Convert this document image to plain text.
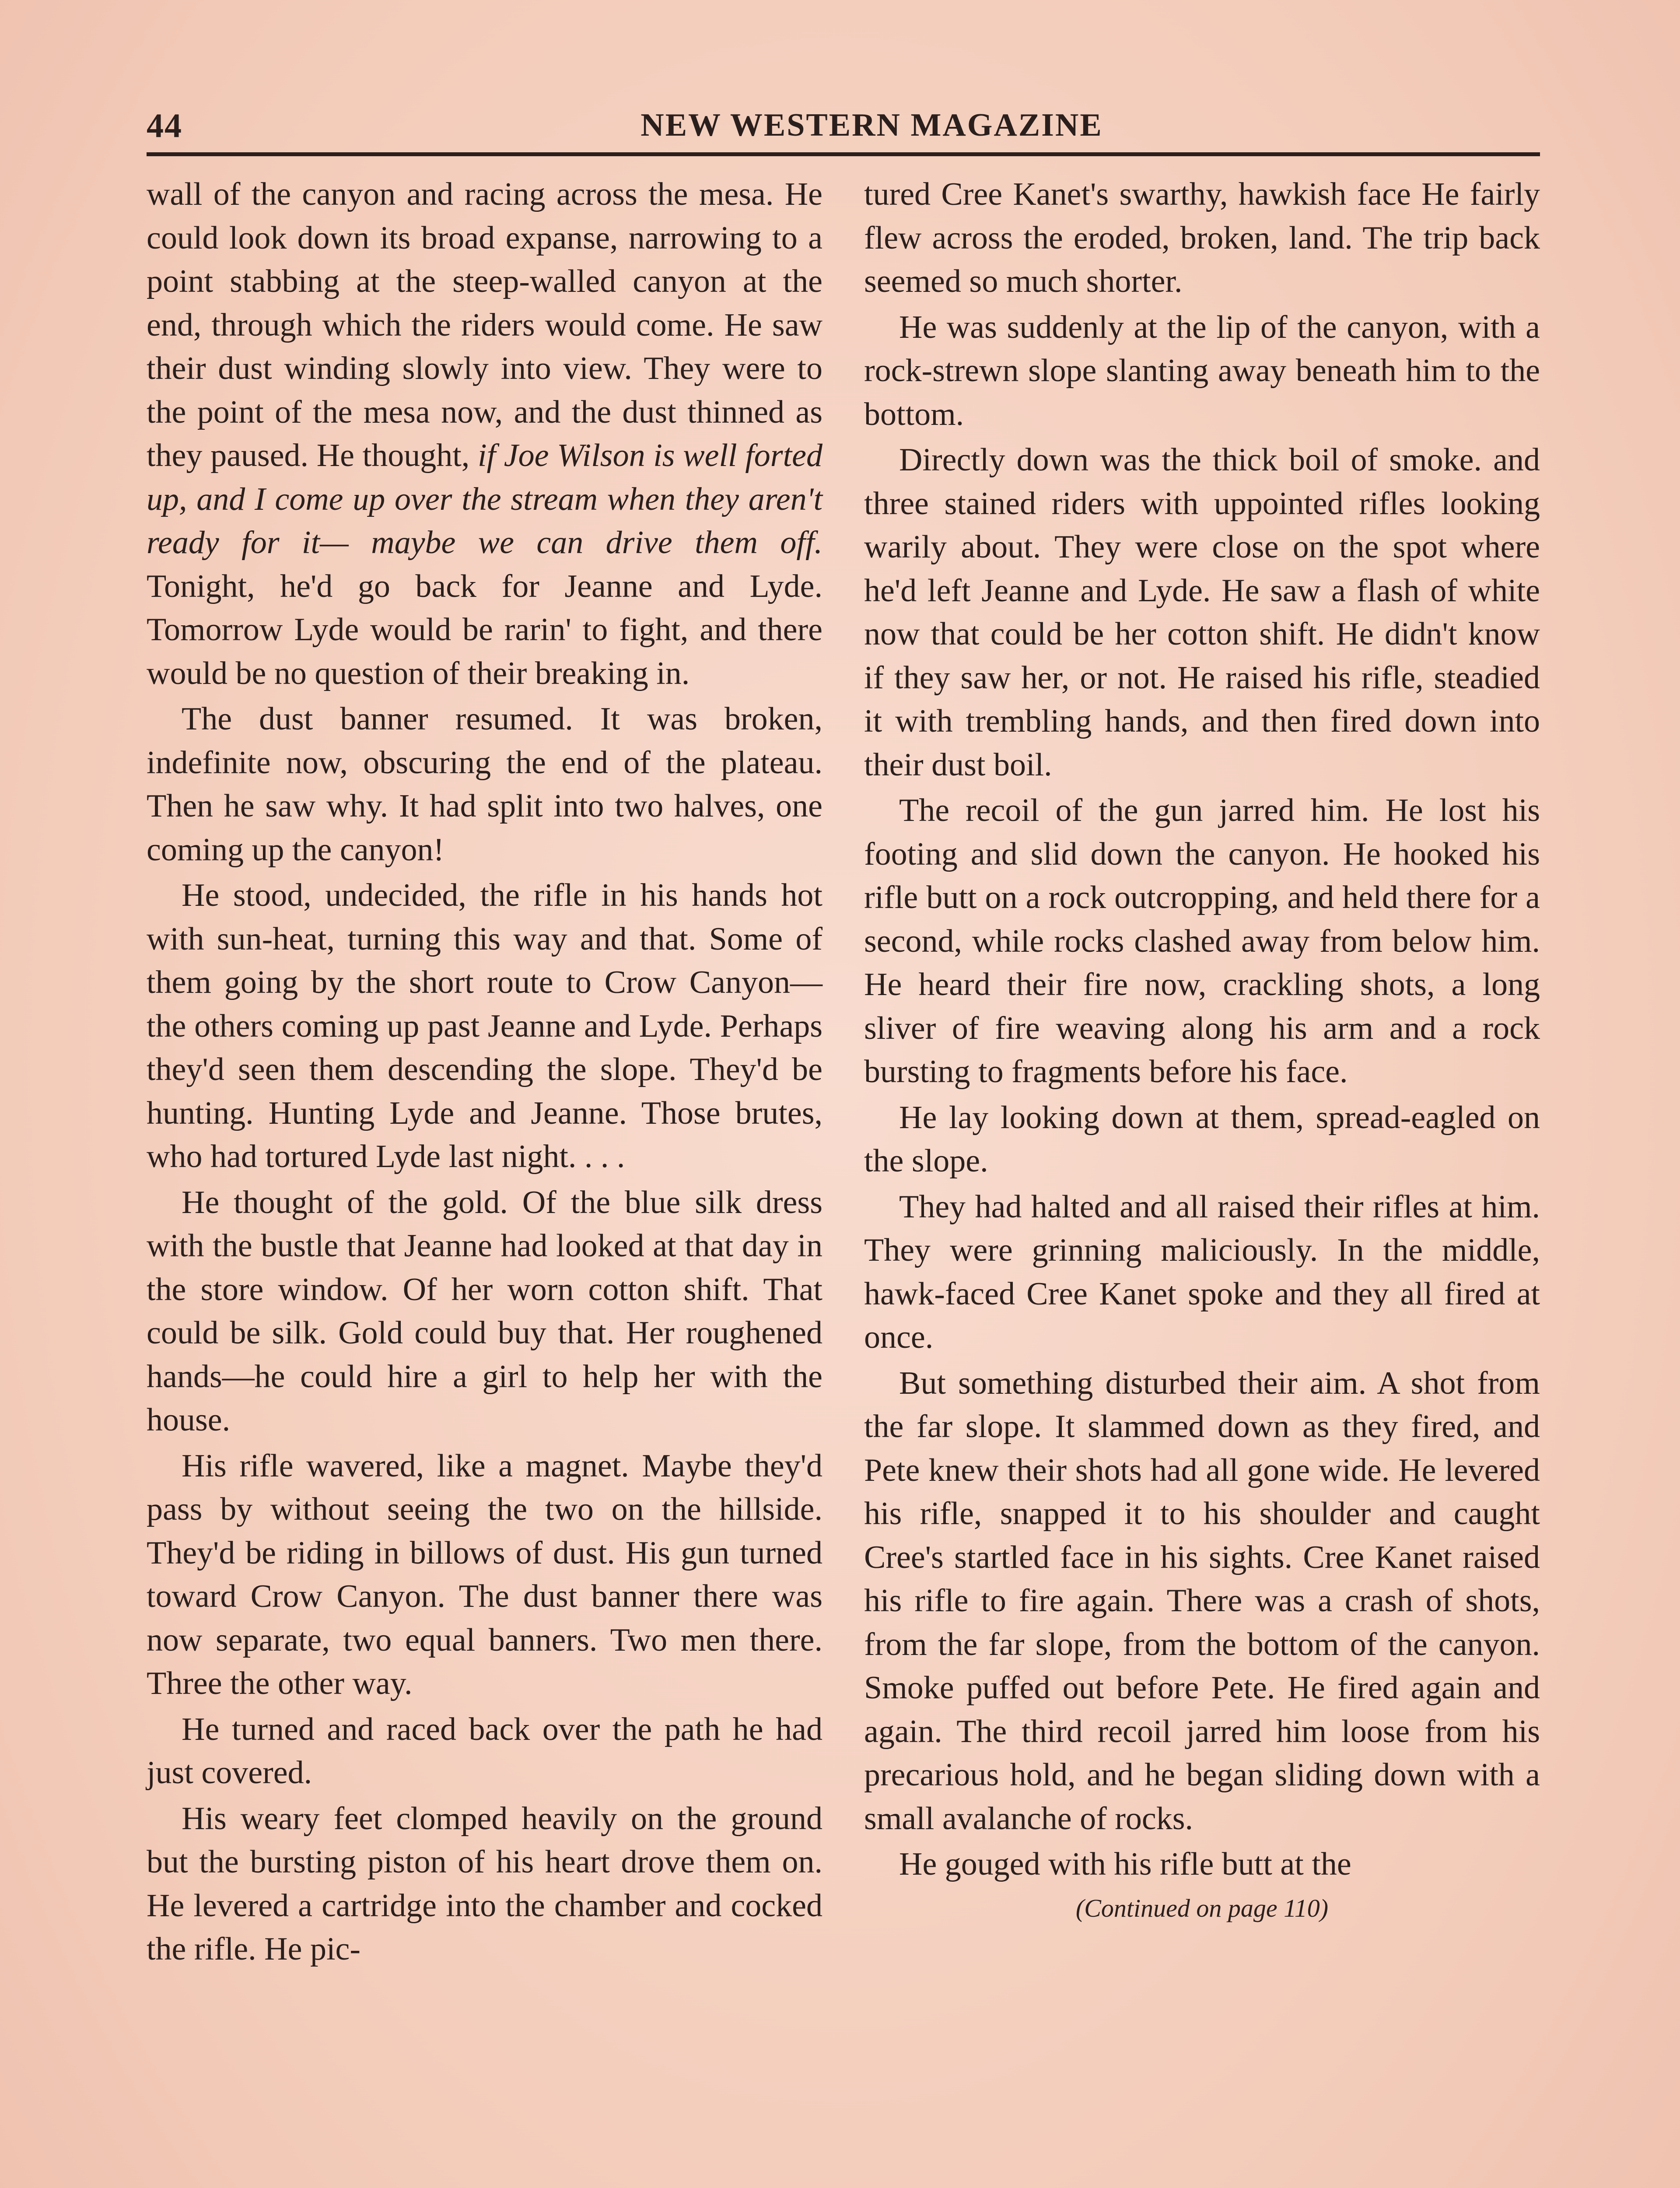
44	NEW WESTERN MAGAZINE

wall of the canyon and racing across the mesa. He could look down its broad expanse, narrowing to a point stabbing at the steep-walled canyon at the end, through which the riders would come. He saw their dust winding slowly into view. They were to the point of the mesa now, and the dust thinned as they paused. He thought, if Joe Wilson is well forted up, and I come up over the stream when they aren't ready for it— maybe we can drive them off. Tonight, he'd go back for Jeanne and Lyde. Tomorrow Lyde would be rarin' to fight, and there would be no question of their breaking in.

The dust banner resumed. It was broken, indefinite now, obscuring the end of the plateau. Then he saw why. It had split into two halves, one coming up the canyon!

He stood, undecided, the rifle in his hands hot with sun-heat, turning this way and that. Some of them going by the short route to Crow Canyon—the others coming up past Jeanne and Lyde. Perhaps they'd seen them descending the slope. They'd be hunting. Hunting Lyde and Jeanne. Those brutes, who had tortured Lyde last night. . . .

He thought of the gold. Of the blue silk dress with the bustle that Jeanne had looked at that day in the store window. Of her worn cotton shift. That could be silk. Gold could buy that. Her roughened hands—he could hire a girl to help her with the house.

His rifle wavered, like a magnet. Maybe they'd pass by without seeing the two on the hillside. They'd be riding in billows of dust. His gun turned toward Crow Canyon. The dust banner there was now separate, two equal banners. Two men there. Three the other way.

He turned and raced back over the path he had just covered.

His weary feet clomped heavily on the ground but the bursting piston of his heart drove them on. He levered a cartridge into the chamber and cocked the rifle. He pic-

tured Cree Kanet's swarthy, hawkish face He fairly flew across the eroded, broken, land. The trip back seemed so much shorter.

He was suddenly at the lip of the canyon, with a rock-strewn slope slanting away beneath him to the bottom.

Directly down was the thick boil of smoke. and three stained riders with uppointed rifles looking warily about. They were close on the spot where he'd left Jeanne and Lyde. He saw a flash of white now that could be her cotton shift. He didn't know if they saw her, or not. He raised his rifle, steadied it with trembling hands, and then fired down into their dust boil.

The recoil of the gun jarred him. He lost his footing and slid down the canyon. He hooked his rifle butt on a rock outcropping, and held there for a second, while rocks clashed away from below him. He heard their fire now, crackling shots, a long sliver of fire weaving along his arm and a rock bursting to fragments before his face.

He lay looking down at them, spread-eagled on the slope.

They had halted and all raised their rifles at him. They were grinning maliciously. In the middle, hawk-faced Cree Kanet spoke and they all fired at once.

But something disturbed their aim. A shot from the far slope. It slammed down as they fired, and Pete knew their shots had all gone wide. He levered his rifle, snapped it to his shoulder and caught Cree's startled face in his sights. Cree Kanet raised his rifle to fire again. There was a crash of shots, from the far slope, from the bottom of the canyon. Smoke puffed out before Pete. He fired again and again. The third recoil jarred him loose from his precarious hold, and he began sliding down with a small avalanche of rocks.

He gouged with his rifle butt at the

(Continued on page 110)
